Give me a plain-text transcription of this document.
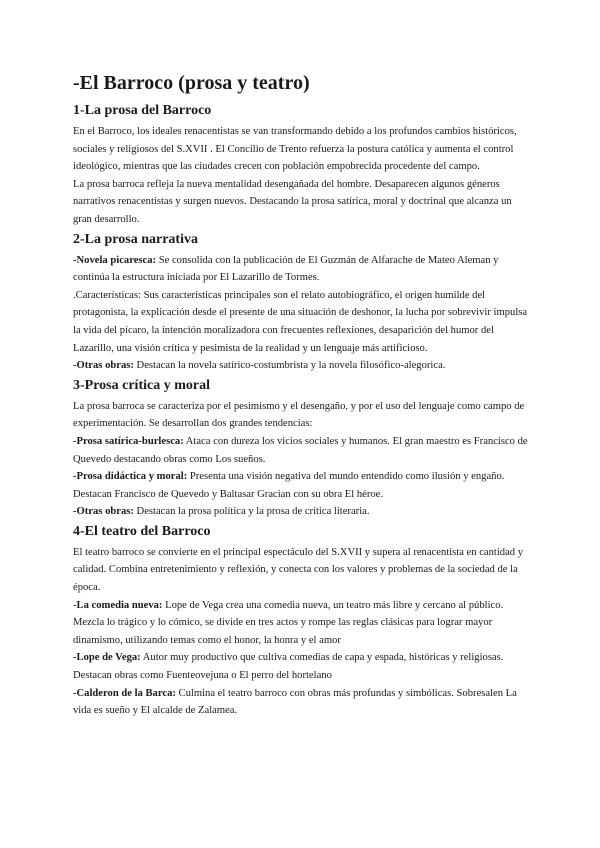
-El Barroco (prosa y teatro)
1-La prosa del Barroco

En el Barroco, los ideales renacentistas se van transformando debido a los profundos cambios históricos, sociales y religiosos del S.XVII . El Concilio de Trento refuerza la postura católica y aumenta el control ideológico, mientras que las ciudades crecen con población empobrecida procedente del campo.

La prosa barroca refleja la nueva mentalidad desengañada del hombre. Desaparecen algunos géneros narrativos renacentistas y surgen nuevos. Destacando la prosa satírica, moral y doctrinal que alcanza un gran desarrollo.

2-La prosa narrativa

-Novela picaresca: Se consolida con la publicación de El Guzmán de Alfarache de Mateo Aleman y continúa la estructura iniciada por El Lazarillo de Tormes.

.Características: Sus características principales son el relato autobiográfico, el origen humilde del protagonista, la explicación desde el presente de una situación de deshonor, la lucha por sobrevivir impulsa la vida del pícaro, la intención moralizadora con frecuentes reflexiones, desaparición del humor del Lazarillo, una visión crítica y pesimista de la realidad y un lenguaje más artificioso.

-Otras obras: Destacan la novela satírico-costumbrista y la novela filosófico-alegorica.

3-Prosa crítica y moral

La prosa barroca se caracteriza por el pesimismo y el desengaño, y por el uso del lenguaje como campo de experimentación. Se desarrollan dos grandes tendencias:

-Prosa satírica-burlesca: Ataca con dureza los vicios sociales y humanos. El gran maestro es Francisco de Quevedo destacando obras como Los sueños.

-Prosa didáctica y moral: Presenta una visión negativa del mundo entendido como ilusión y engaño. Destacan Francisco de Quevedo y Baltasar Gracian con su obra El héroe.

-Otras obras: Destacan la prosa política y la prosa de crítica literaria.

4-El teatro del Barroco

El teatro barroco se convierte en el principal espectáculo del S.XVII y supera al renacentista en cantidad y calidad. Combina entretenimiento y reflexión, y conecta con los valores y problemas de la sociedad de la época.

-La comedia nueva: Lope de Vega crea una comedia nueva, un teatro más libre y cercano al público. Mezcla lo trágico y lo cómico, se divide en tres actos y rompe las reglas clásicas para lograr mayor dinamismo, utilizando temas como el honor, la honra y el amor

-Lope de Vega: Autor muy productivo que cultiva comedias de capa y espada, históricas y religiosas. Destacan obras como Fuenteovejuna o El perro del hortelano

-Calderon de la Barca: Culmina el teatro barroco con obras más profundas y simbólicas. Sobresalen La vida es sueño y El alcalde de Zalamea.
